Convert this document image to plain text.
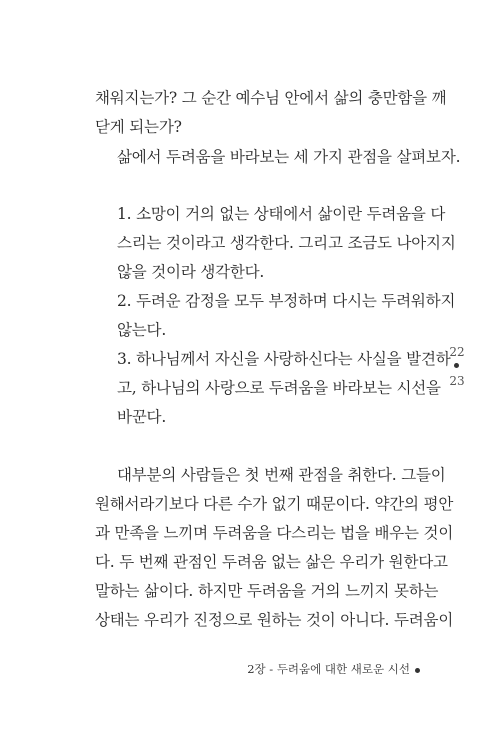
채워지는가? 그 순간 예수님 안에서 삶의 충만함을 깨
닫게 되는가?
삶에서 두려움을 바라보는 세 가지 관점을 살펴보자.
1. 소망이 거의 없는 상태에서 삶이란 두려움을 다
스리는 것이라고 생각한다. 그리고 조금도 나아지지
않을 것이라 생각한다.
2. 두려운 감정을 모두 부정하며 다시는 두려워하지
않는다.
3. 하나님께서 자신을 사랑하신다는 사실을 발견하
고, 하나님의 사랑으로 두려움을 바라보는 시선을
바꾼다.
대부분의 사람들은 첫 번째 관점을 취한다. 그들이
원해서라기보다 다른 수가 없기 때문이다. 약간의 평안
과 만족을 느끼며 두려움을 다스리는 법을 배우는 것이
다. 두 번째 관점인 두려움 없는 삶은 우리가 원한다고
말하는 삶이다. 하지만 두려움을 거의 느끼지 못하는
상태는 우리가 진정으로 원하는 것이 아니다. 두려움이
22
23
2장 - 두려움에 대한 새로운 시선
